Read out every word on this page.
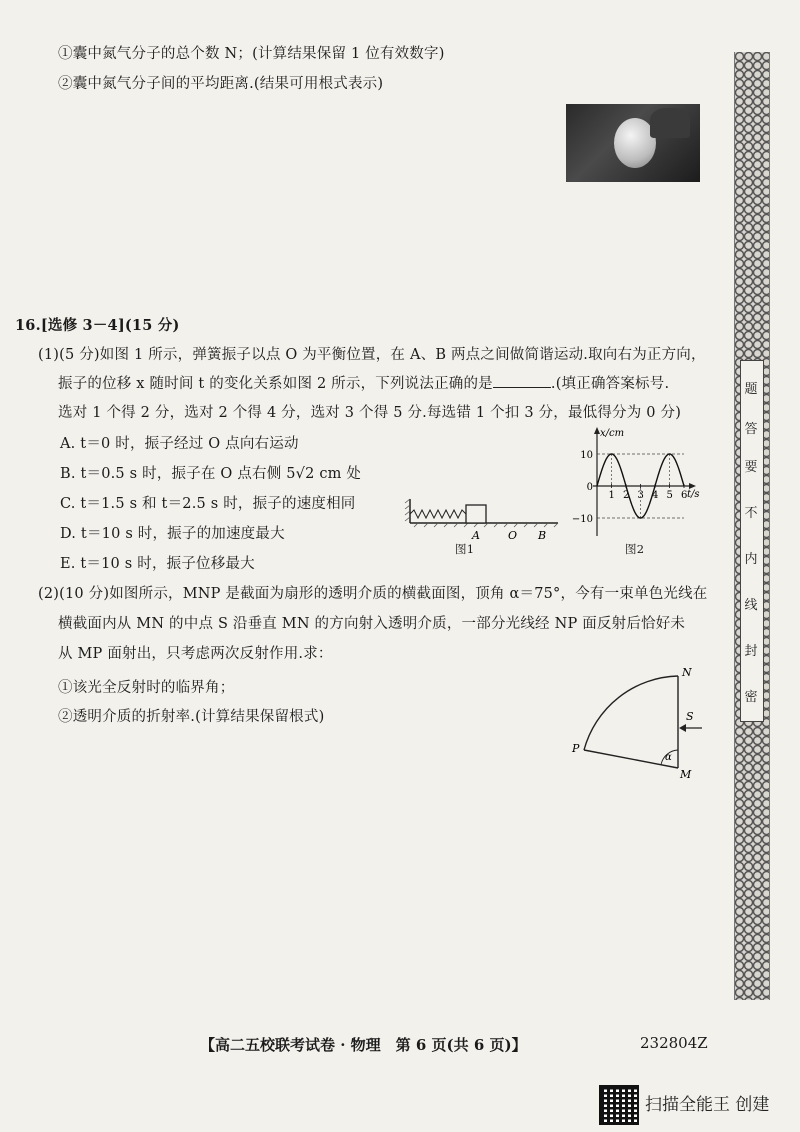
①囊中氮气分子的总个数 N；(计算结果保留 1 位有效数字)
②囊中氮气分子间的平均距离.(结果可用根式表示)
16.[选修 3－4](15 分)
(1)(5 分)如图 1 所示，弹簧振子以点 O 为平衡位置，在 A、B 两点之间做简谐运动.取向右为正方向，
振子的位移 x 随时间 t 的变化关系如图 2 所示，下列说法正确的是	.(填正确答案标号.
选对 1 个得 2 分，选对 2 个得 4 分，选对 3 个得 5 分.每选错 1 个扣 3 分，最低得分为 0 分)
A. t＝0 时，振子经过 O 点向右运动
B. t＝0.5 s 时，振子在 O 点右侧 5√2 cm 处
C. t＝1.5 s 和 t＝2.5 s 时，振子的速度相同
D. t＝10 s 时，振子的加速度最大
E. t＝10 s 时，振子位移最大
A	O B
图1
x/cm
t/s
10
0
−10
1 2 3 4 5 6
图2
(2)(10 分)如图所示，MNP 是截面为扇形的透明介质的横截面图，顶角 α＝75°，今有一束单色光线在
横截面内从 MN 的中点 S 沿垂直 MN 的方向射入透明介质，一部分光线经 NP 面反射后恰好未
从 MP 面射出，只考虑两次反射作用.求：
①该光全反射时的临界角；
②透明介质的折射率.(计算结果保留根式)
N
S
P
M
α
密
封
线
内
不
要
答
题
【高二五校联考试卷 · 物理　第 6 页(共 6 页)】	232804Z
扫描全能王 创建
